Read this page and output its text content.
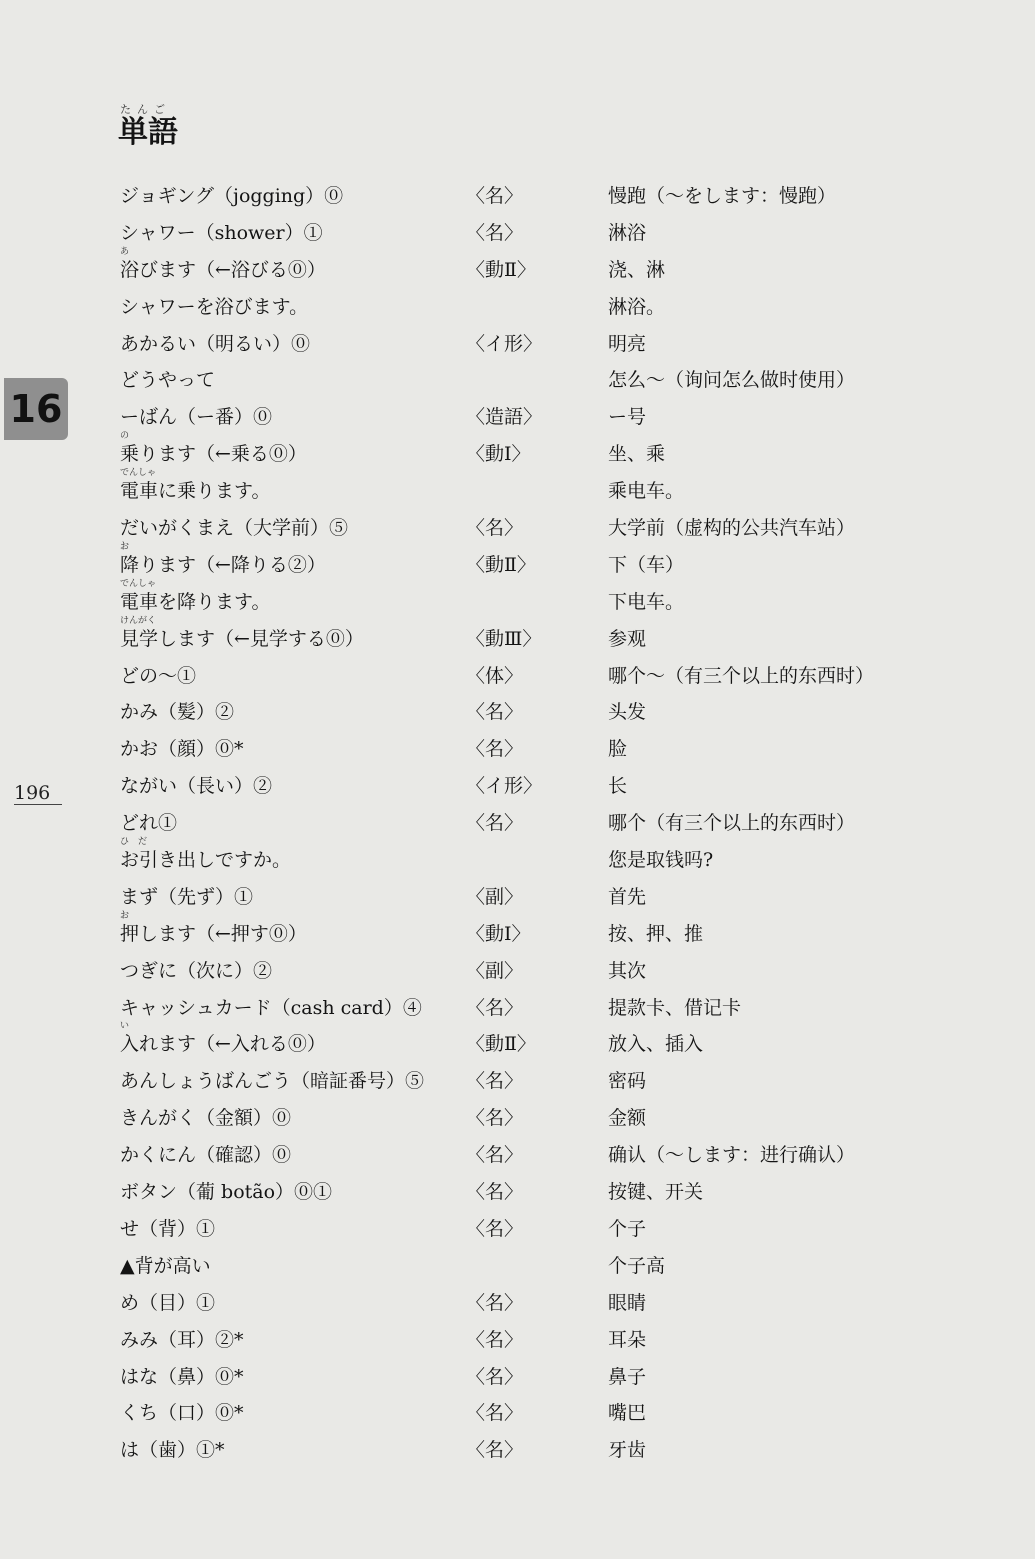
16
196
たんご
単語
ジョギング（jogging）⓪	〈名〉	慢跑（～をします：慢跑）
シャワー（shower）①	〈名〉	淋浴
あ
浴びます（←浴びる⓪）	〈動Ⅱ〉	浇、淋
シャワーを浴びます。	淋浴。
あかるい（明るい）⓪	〈イ形〉	明亮
どうやって	怎么～（询问怎么做时使用）
ーばん（ー番）⓪	〈造語〉	ー号
の
乗ります（←乗る⓪）	〈動Ⅰ〉	坐、乘
でんしゃ
電車に乗ります。	乘电车。
だいがくまえ（大学前）⑤	〈名〉	大学前（虚构的公共汽车站）
お
降ります（←降りる②）	〈動Ⅱ〉	下（车）
でんしゃ
電車を降ります。	下电车。
けんがく
見学します（←見学する⓪）	〈動Ⅲ〉	参观
どの～①	〈体〉	哪个～（有三个以上的东西时）
かみ（髪）②	〈名〉	头发
かお（顔）⓪*	〈名〉	脸
ながい（長い）②	〈イ形〉	长
どれ①	〈名〉	哪个（有三个以上的东西时）
ひ　だ
お引き出しですか。	您是取钱吗?
まず（先ず）①	〈副〉	首先
お
押します（←押す⓪）	〈動Ⅰ〉	按、押、推
つぎに（次に）②	〈副〉	其次
キャッシュカード（cash card）④ 〈名〉	提款卡、借记卡
い
入れます（←入れる⓪）	〈動Ⅱ〉	放入、插入
あんしょうばんごう（暗証番号）⑤ 〈名〉	密码
きんがく（金額）⓪	〈名〉	金额
かくにん（確認）⓪	〈名〉	确认（～します：进行确认）
ボタン（葡 botão）⓪①	〈名〉	按键、开关
せ（背）①	〈名〉	个子
▲背が高い	个子高
め（目）①	〈名〉	眼睛
みみ（耳）②*	〈名〉	耳朵
はな（鼻）⓪*	〈名〉	鼻子
くち（口）⓪*	〈名〉	嘴巴
は（歯）①*	〈名〉	牙齿
